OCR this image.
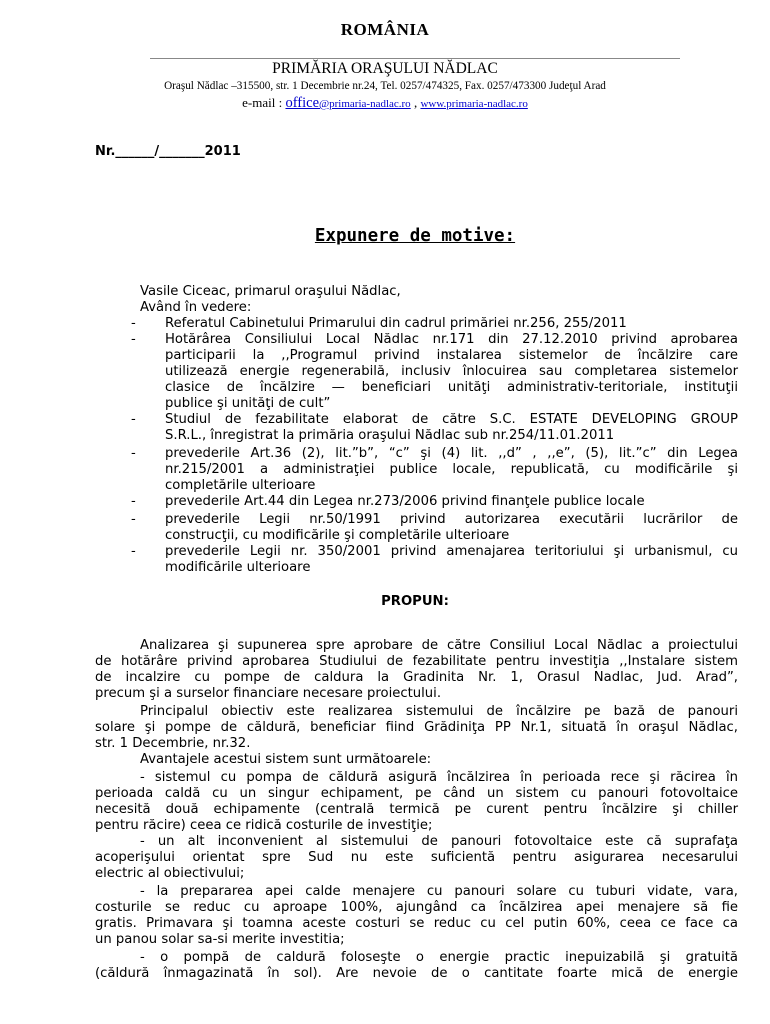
ROMÂNIA
PRIMĂRIA ORAŞULUI NĂDLAC
Oraşul Nădlac –315500, str. 1 Decembrie nr.24, Tel. 0257/474325, Fax. 0257/473300 Judeţul Arad
e-mail : office@primaria-nadlac.ro , www.primaria-nadlac.ro
Nr.______/_______2011
Expunere de motive:
Vasile Ciceac, primarul oraşului Nădlac,
Având în vedere:
- Referatul Cabinetului Primarului din cadrul primăriei nr.256, 255/2011
- Hotărârea Consiliului Local Nădlac nr.171 din 27.12.2010 privind aprobarea
participarii la ,,Programul privind instalarea sistemelor de încălzire care
utilizează energie regenerabilă, inclusiv înlocuirea sau completarea sistemelor
clasice de încălzire — beneficiari unităţi administrativ-teritoriale, instituţii
publice şi unităţi de cult”
- Studiul de fezabilitate elaborat de către S.C. ESTATE DEVELOPING GROUP
S.R.L., înregistrat la primăria oraşului Nădlac sub nr.254/11.01.2011
- prevederile Art.36 (2), lit.”b”, “c” şi (4) lit. ,,d” , ,,e”, (5), lit.”c” din Legea
nr.215/2001 a administraţiei publice locale, republicată, cu modificările şi
completările ulterioare
- prevederile Art.44 din Legea nr.273/2006 privind finanţele publice locale
- prevederile Legii nr.50/1991 privind autorizarea executării lucrărilor de
construcţii, cu modificările şi completările ulterioare
- prevederile Legii nr. 350/2001 privind amenajarea teritoriului şi urbanismul, cu
modificările ulterioare
PROPUN:
Analizarea şi supunerea spre aprobare de către Consiliul Local Nădlac a proiectului
de hotărâre privind aprobarea Studiului de fezabilitate pentru investiţia ,,Instalare sistem
de incalzire cu pompe de caldura la Gradinita Nr. 1, Orasul Nadlac, Jud. Arad”,
precum şi a surselor financiare necesare proiectului.
Principalul obiectiv este realizarea sistemului de încălzire pe bază de panouri
solare şi pompe de căldură, beneficiar fiind Grădiniţa PP Nr.1, situată în oraşul Nădlac,
str. 1 Decembrie, nr.32.
Avantajele acestui sistem sunt următoarele:
- sistemul cu pompa de căldură asigură încălzirea în perioada rece şi răcirea în
perioada caldă cu un singur echipament, pe când un sistem cu panouri fotovoltaice
necesită două echipamente (centrală termică pe curent pentru încălzire şi chiller
pentru răcire) ceea ce ridică costurile de investiţie;
- un alt inconvenient al sistemului de panouri fotovoltaice este că suprafaţa
acoperişului orientat spre Sud nu este suficientă pentru asigurarea necesarului
electric al obiectivului;
- la prepararea apei calde menajere cu panouri solare cu tuburi vidate, vara,
costurile se reduc cu aproape 100%, ajungând ca încălzirea apei menajere să fie
gratis. Primavara şi toamna aceste costuri se reduc cu cel putin 60%, ceea ce face ca
un panou solar sa-si merite investitia;
- o pompă de caldură foloseşte o energie practic inepuizabilă şi gratuită
(căldură înmagazinată în sol). Are nevoie de o cantitate foarte mică de energie
